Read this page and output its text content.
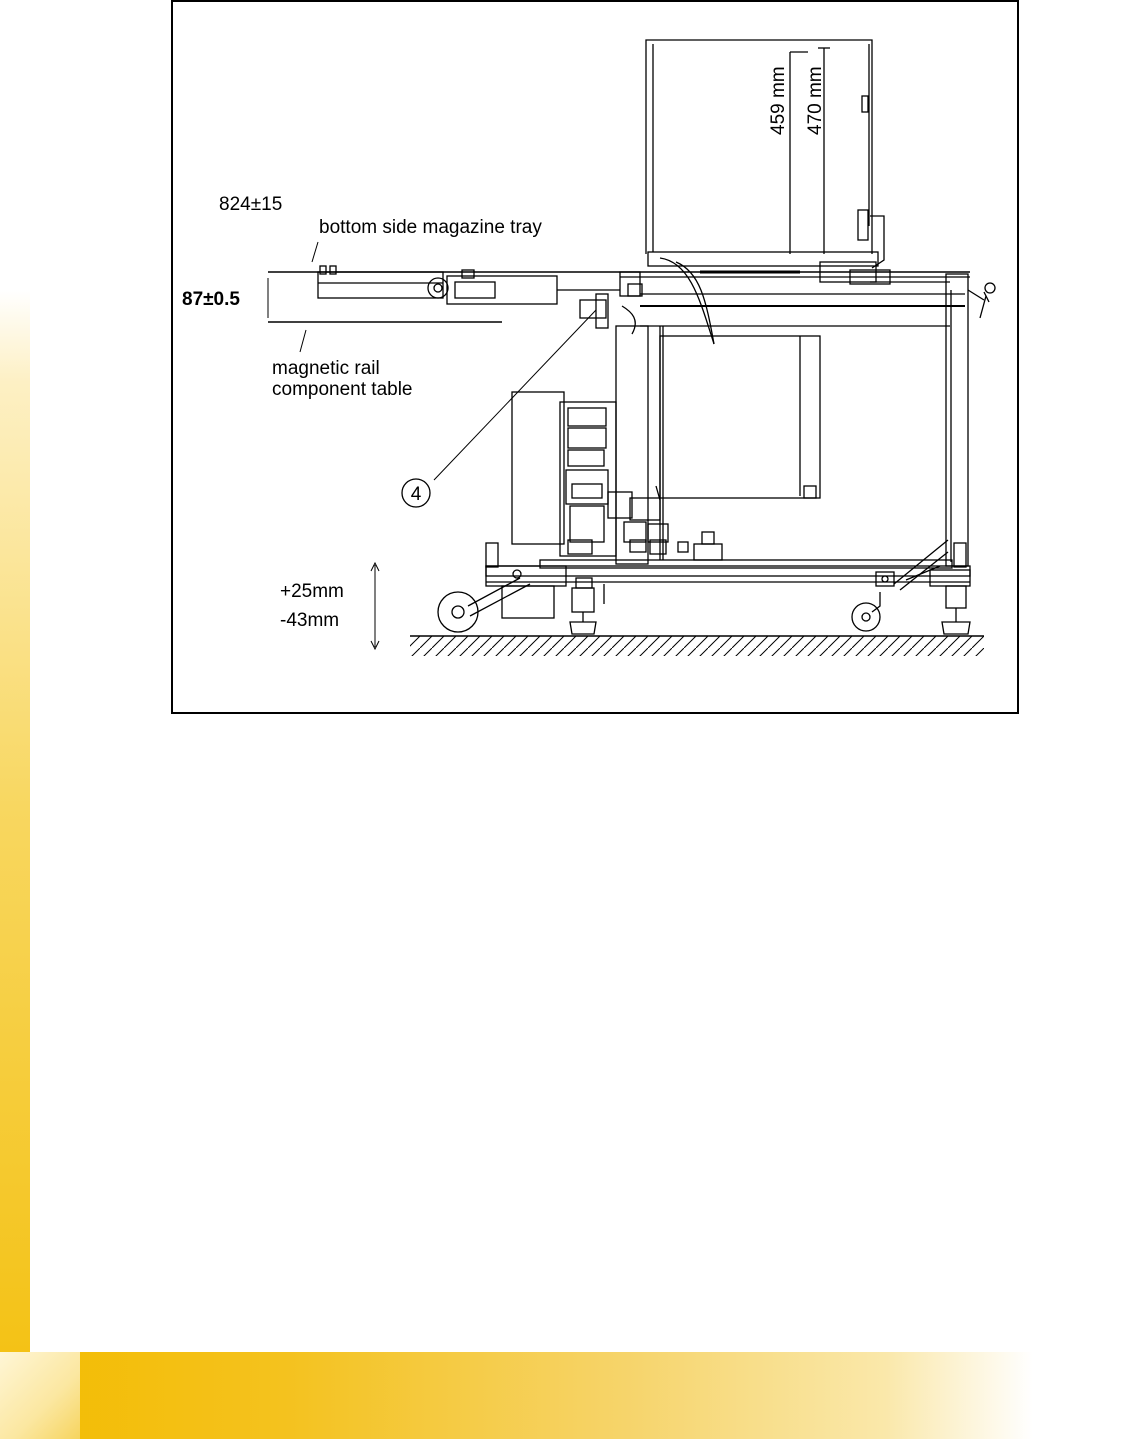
824±15
bottom side magazine tray
87±0.5
magnetic rail
component table
4
+25mm
-43mm
459 mm 470 mm
